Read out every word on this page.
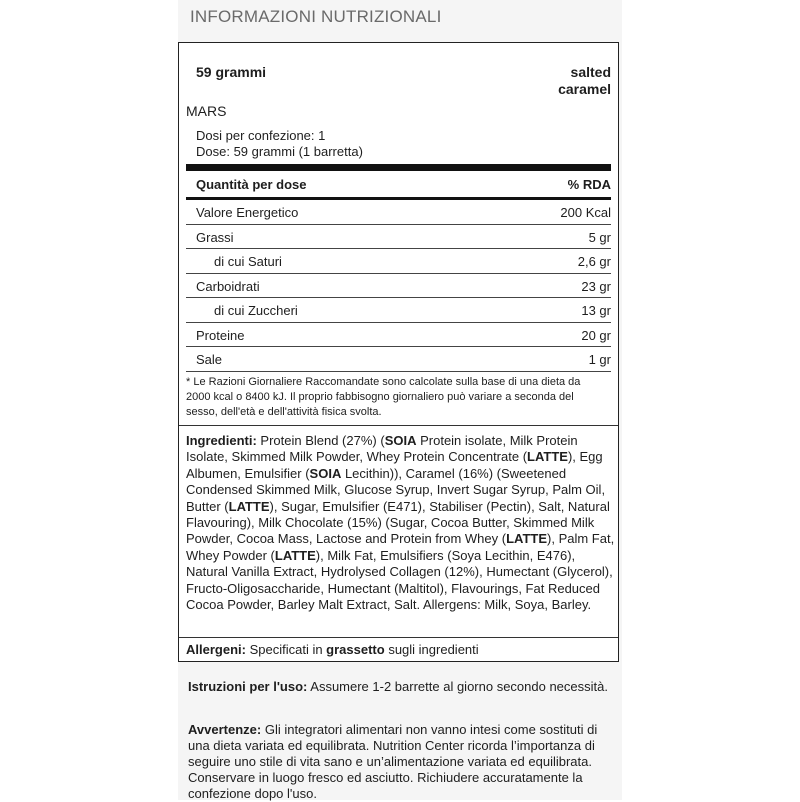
INFORMAZIONI NUTRIZIONALI
59 grammi	salted caramel
MARS
Dosi per confezione: 1
Dose: 59 grammi (1 barretta)
Quantità per dose	% RDA
Valore Energetico	200 Kcal
Grassi	5 gr
di cui Saturi	2,6 gr
Carboidrati	23 gr
di cui Zuccheri	13 gr
Proteine	20 gr
Sale	1 gr
* Le Razioni Giornaliere Raccomandate sono calcolate sulla base di una dieta da 2000 kcal o 8400 kJ. Il proprio fabbisogno giornaliero può variare a seconda del sesso, dell'età e dell'attività fisica svolta.
Ingredienti: Protein Blend (27%) (SOIA Protein isolate, Milk Protein Isolate, Skimmed Milk Powder, Whey Protein Concentrate (LATTE), Egg Albumen, Emulsifier (SOIA Lecithin)), Caramel (16%) (Sweetened Condensed Skimmed Milk, Glucose Syrup, Invert Sugar Syrup, Palm Oil, Butter (LATTE), Sugar, Emulsifier (E471), Stabiliser (Pectin), Salt, Natural Flavouring), Milk Chocolate (15%) (Sugar, Cocoa Butter, Skimmed Milk Powder, Cocoa Mass, Lactose and Protein from Whey (LATTE), Palm Fat, Whey Powder (LATTE), Milk Fat, Emulsifiers (Soya Lecithin, E476), Natural Vanilla Extract, Hydrolysed Collagen (12%), Humectant (Glycerol), Fructo-Oligosaccharide, Humectant (Maltitol), Flavourings, Fat Reduced Cocoa Powder, Barley Malt Extract, Salt. Allergens: Milk, Soya, Barley.
Allergeni: Specificati in grassetto sugli ingredienti
Istruzioni per l'uso: Assumere 1-2 barrette al giorno secondo necessità.
Avvertenze: Gli integratori alimentari non vanno intesi come sostituti di una dieta variata ed equilibrata. Nutrition Center ricorda l’importanza di seguire uno stile di vita sano e un’alimentazione variata ed equilibrata. Conservare in luogo fresco ed asciutto. Richiudere accuratamente la confezione dopo l'uso.
